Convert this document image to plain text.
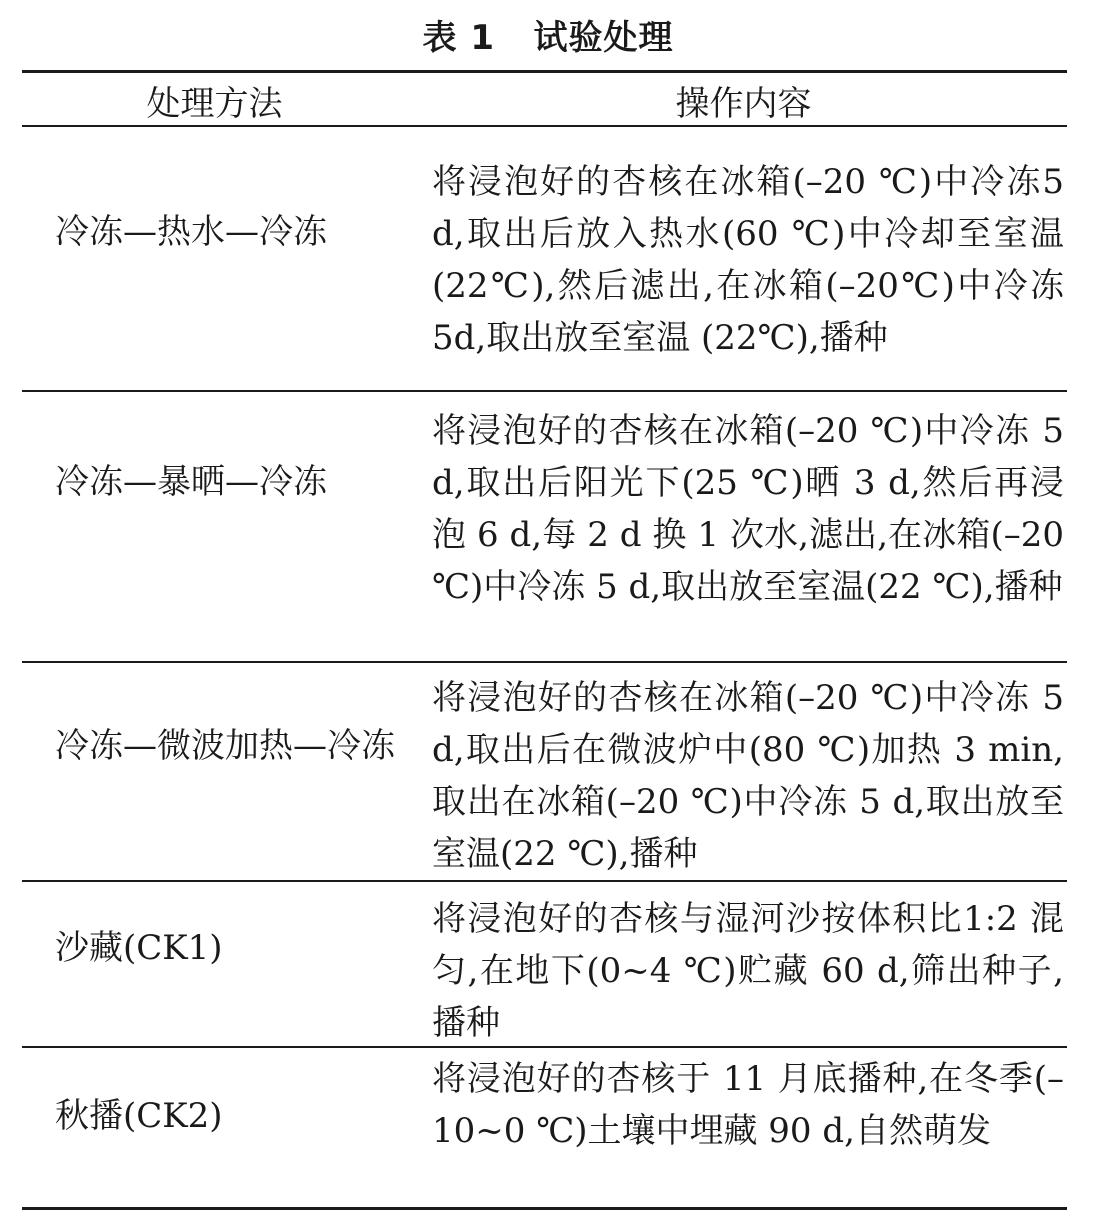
表 1   试验处理
处理方法	操作内容
冷冻—热水—冷冻
将浸泡好的杏核在冰箱(–20 ℃)中冷冻5 d,取出后放入热水(60 ℃)中冷却至室温(22℃),然后滤出,在冰箱(–20℃)中冷冻5d,取出放至室温 (22℃),播种
冷冻—暴晒—冷冻
将浸泡好的杏核在冰箱(–20 ℃)中冷冻 5 d,取出后阳光下(25 ℃)晒 3 d,然后再浸泡 6 d,每 2 d 换 1 次水,滤出,在冰箱(–20 ℃)中冷冻 5 d,取出放至室温(22 ℃),播种
冷冻—微波加热—冷冻
将浸泡好的杏核在冰箱(–20 ℃)中冷冻 5 d,取出后在微波炉中(80 ℃)加热 3 min,取出在冰箱(–20 ℃)中冷冻 5 d,取出放至室温(22 ℃),播种
沙藏(CK1)
将浸泡好的杏核与湿河沙按体积比1:2 混匀,在地下(0~4 ℃)贮藏 60 d,筛出种子,播种
秋播(CK2)
将浸泡好的杏核于 11 月底播种,在冬季(–10~0 ℃)土壤中埋藏 90 d,自然萌发
